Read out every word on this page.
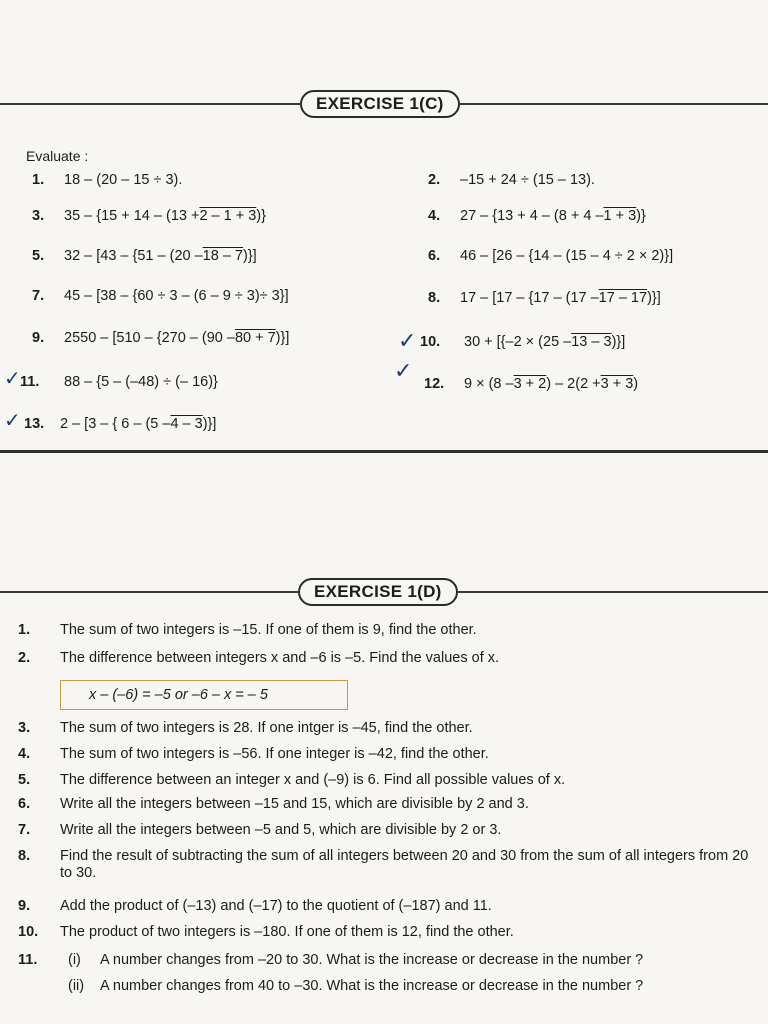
EXERCISE 1(C)
Evaluate :
1.	18 – (20 – 15 ÷ 3).
3.	35 – {15 + 14 – (13 + 2 – 1 + 3 )}
5.	32 – [43 – {51 – (20 – 18 – 7 )}]
7.	45 – [38 – {60 ÷ 3 – (6 – 9 ÷ 3)÷ 3}]
9.	2550 – [510 – {270 – (90 – 80 + 7 )}]
11.	88 – {5 – (–48) ÷ (– 16)}
13.	2 – [3 – { 6 – (5 – 4 – 3 )}]
2.	–15 + 24 ÷ (15 – 13).
4.	27 – {13 + 4 – (8 + 4 – 1 + 3 )}
6.	46 – [26 – {14 – (15 – 4 ÷ 2 × 2)}]
8.	17 – [17 – {17 – (17 – 17 – 17 )}]
10.	30 + [{–2 × (25 – 13 – 3 )}]
12.	9 × (8 – 3 + 2 ) – 2(2 + 3 + 3 )
✓
✓
✓
✓
EXERCISE 1(D)
1.	The sum of two integers is –15. If one of them is 9, find the other.
2.	The difference between integers x and –6 is –5. Find the values of x.
x – (–6) = –5 or –6 – x = – 5
3.	The sum of two integers is 28. If one intger is –45, find the other.
4.	The sum of two integers is –56. If one integer is –42, find the other.
5.	The difference between an integer x and (–9) is 6. Find all possible values of x.
6.	Write all the integers between –15 and 15, which are divisible by 2 and 3.
7.	Write all the integers between –5 and 5, which are divisible by 2 or 3.
8.	Find the result of subtracting the sum of all integers between 20 and 30 from the sum of all integers from 20 to 30.
9.	Add the product of (–13) and (–17) to the quotient of (–187) and 11.
10.	The product of two integers is –180. If one of them is 12, find the other.
11.	(i)	A number changes from –20 to 30. What is the increase or decrease in the number ?
(ii)	A number changes from 40 to –30. What is the increase or decrease in the number ?
